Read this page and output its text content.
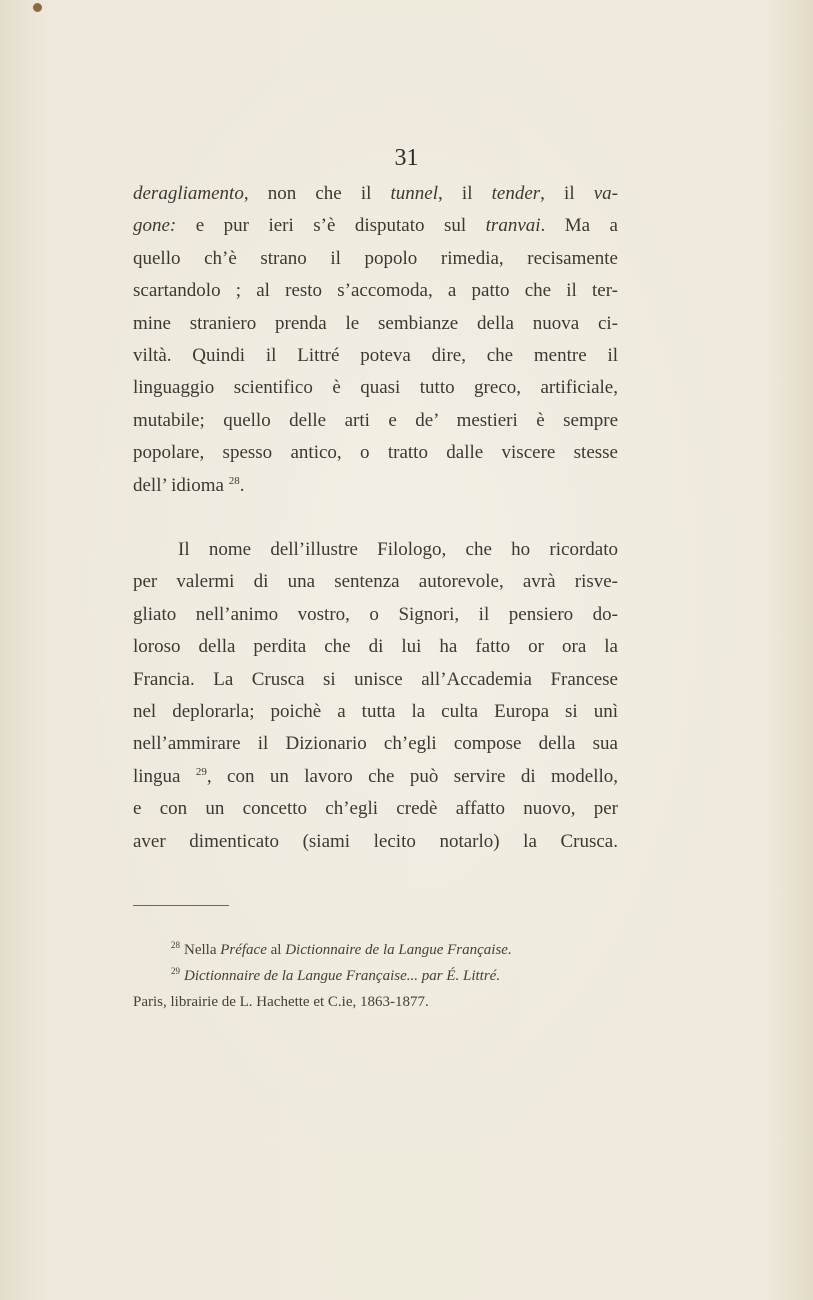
31
deragliamento, non che il tunnel, il tender, il va-
gone: e pur ieri s’è disputato sul tranvai. Ma a
quello ch’è strano il popolo rimedia, recisamente
scartandolo ; al resto s’accomoda, a patto che il ter-
mine straniero prenda le sembianze della nuova ci-
viltà. Quindi il Littré poteva dire, che mentre il
linguaggio scientifico è quasi tutto greco, artificiale,
mutabile; quello delle arti e de’ mestieri è sempre
popolare, spesso antico, o tratto dalle viscere stesse
dell’ idioma $^{28}$.
Il nome dell’illustre Filologo, che ho ricordato
per valermi di una sentenza autorevole, avrà risve-
gliato nell’animo vostro, o Signori, il pensiero do-
loroso della perdita che di lui ha fatto or ora la
Francia. La Crusca si unisce all’Accademia Francese
nel deplorarla; poichè a tutta la culta Europa si unì
nell’ammirare il Dizionario ch’egli compose della sua
lingua $^{29}$, con un lavoro che può servire di modello,
e con un concetto ch’egli credè affatto nuovo, per
aver dimenticato (siami lecito notarlo) la Crusca.
$^{28}$ Nella Préface al Dictionnaire de la Langue Française.
$^{29}$ Dictionnaire de la Langue Française... par É. Littré.
Paris, librairie de L. Hachette et C.ie, 1863-1877.
